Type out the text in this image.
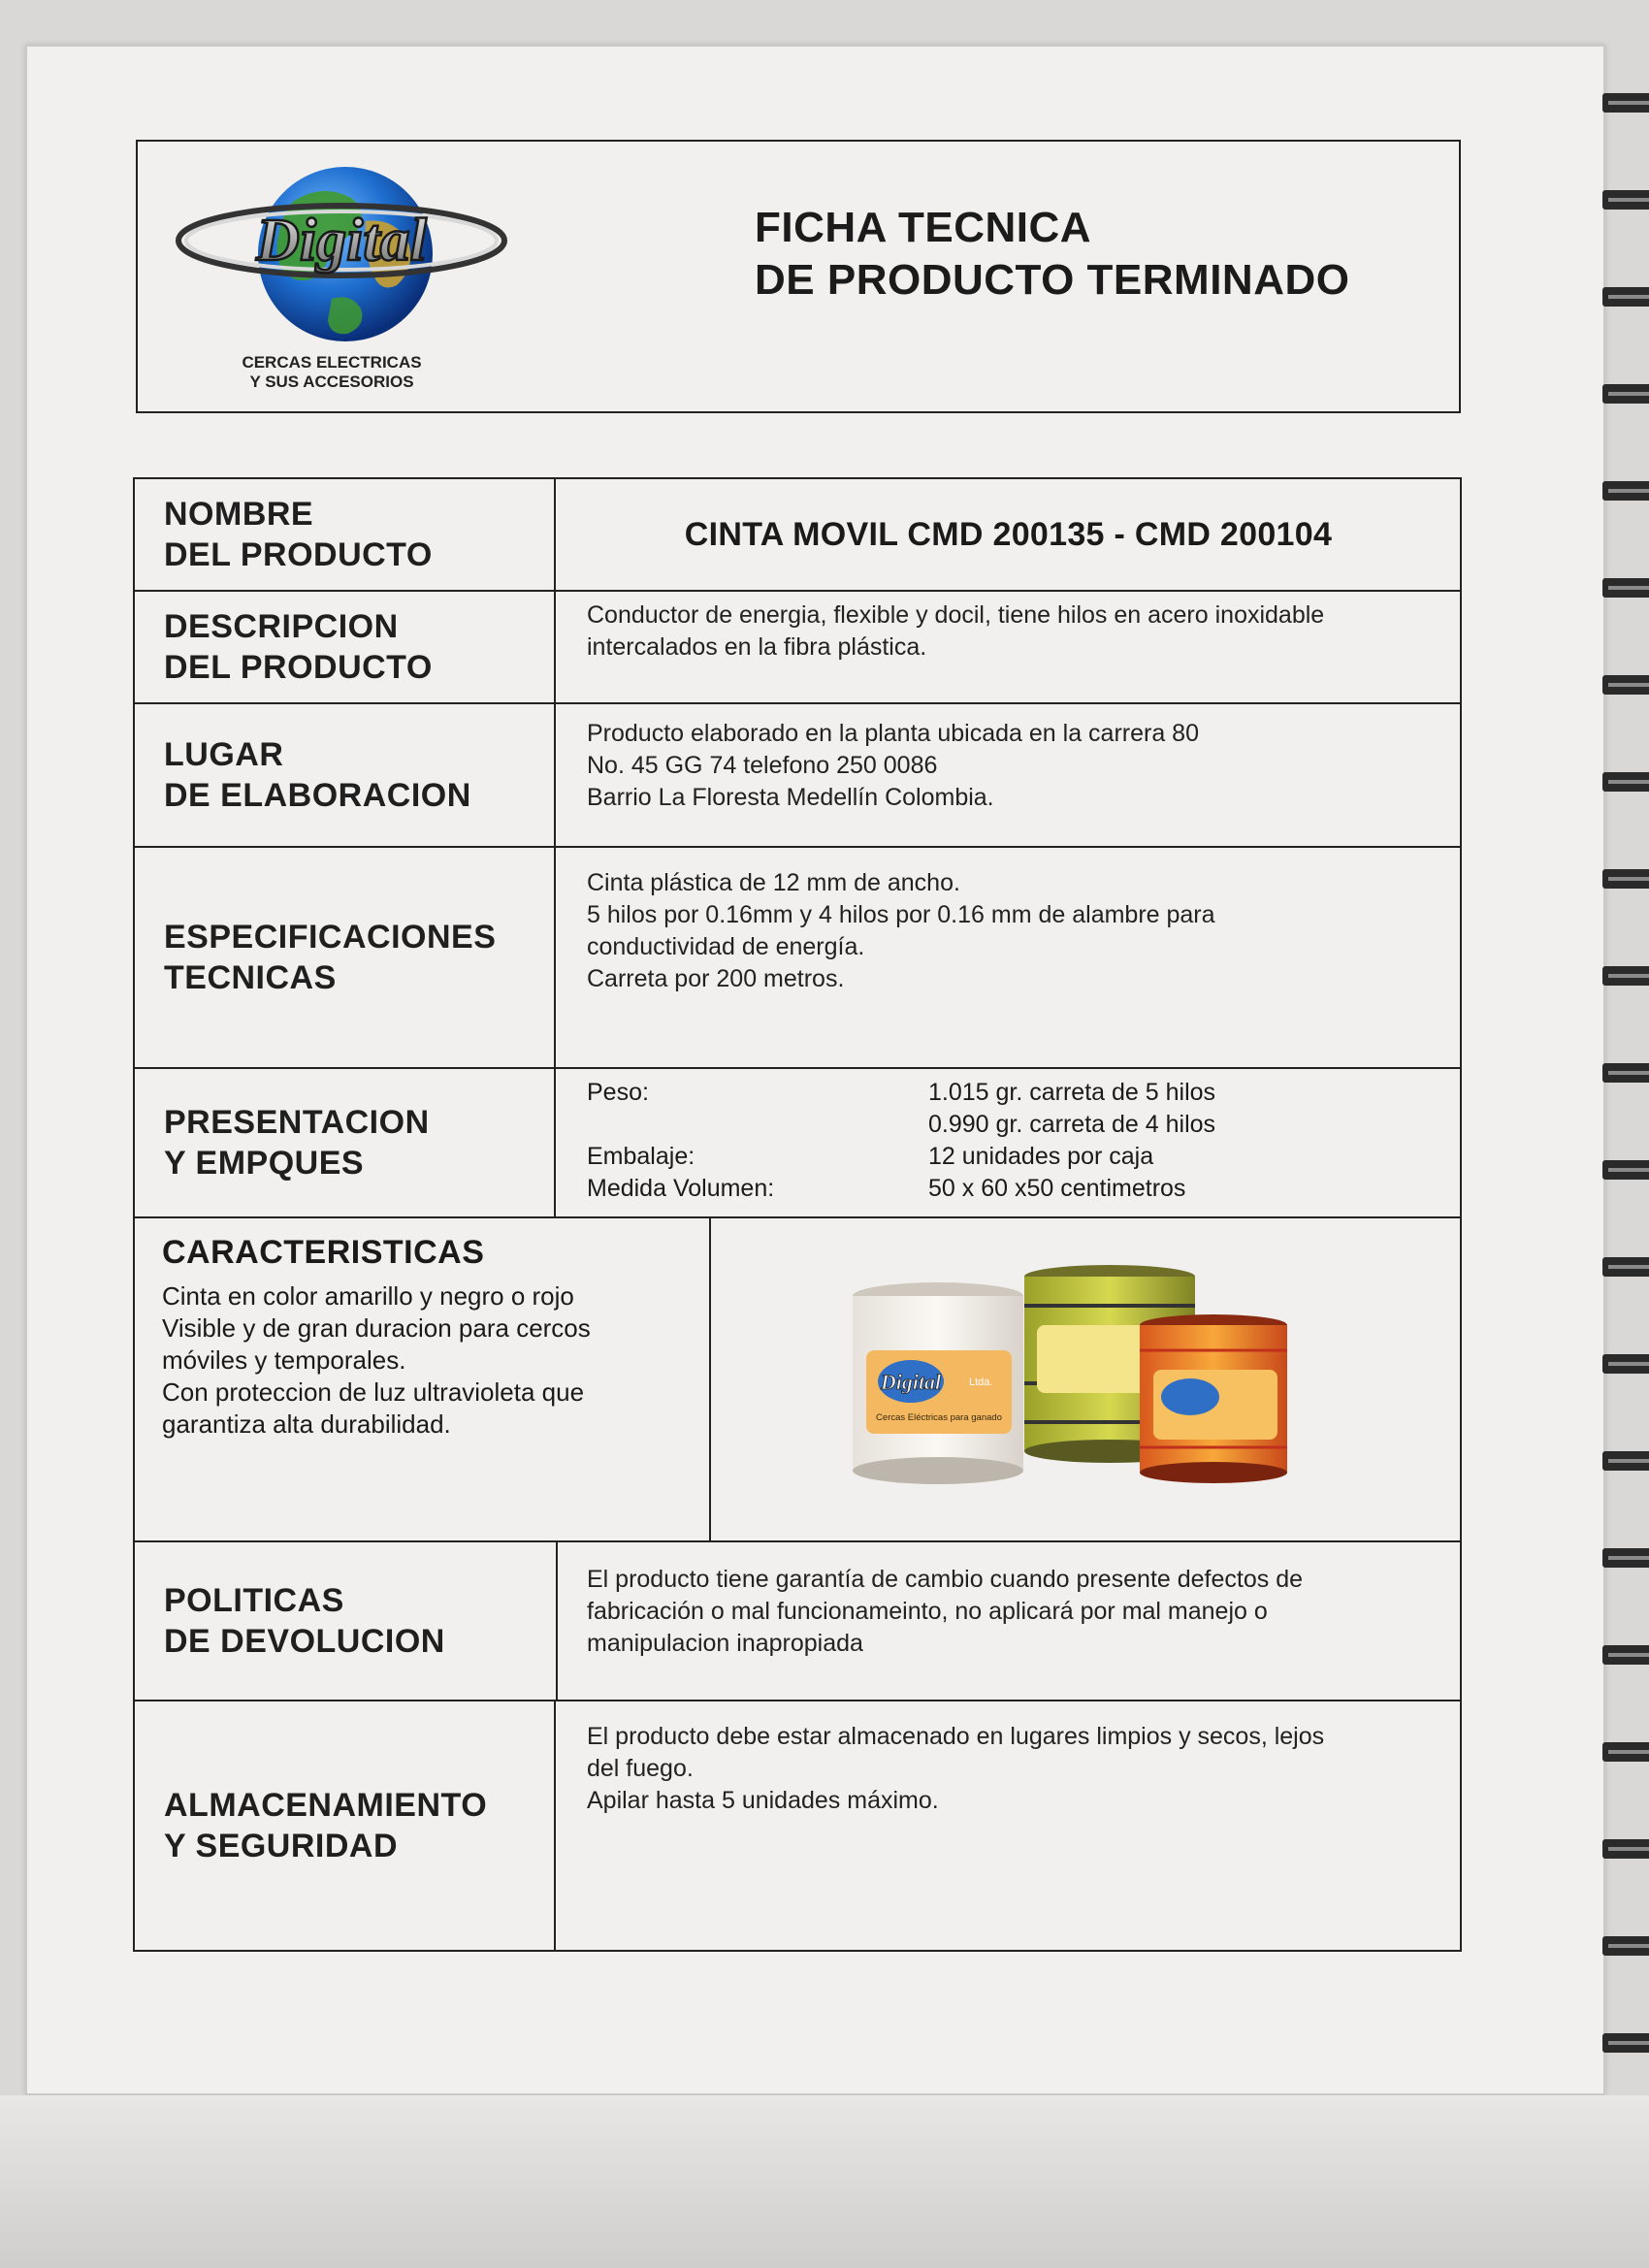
Digital
CERCAS ELECTRICAS
Y SUS ACCESORIOS
FICHA TECNICA
DE PRODUCTO TERMINADO
NOMBRE
DEL PRODUCTO
CINTA MOVIL CMD 200135 - CMD 200104
DESCRIPCION
DEL PRODUCTO
Conductor de energia, flexible y docil, tiene hilos en acero inoxidable
intercalados en la fibra plástica.
LUGAR
DE ELABORACION
Producto elaborado en la planta ubicada en la carrera 80
No. 45 GG 74 telefono 250 0086
Barrio La Floresta Medellín Colombia.
ESPECIFICACIONES
TECNICAS
Cinta plástica de 12 mm de ancho.
5 hilos por 0.16mm y 4 hilos por 0.16 mm de alambre para
conductividad de energía.
Carreta por 200 metros.
PRESENTACION
Y EMPQUES
Peso:

Embalaje:
Medida Volumen:
1.015 gr. carreta de 5 hilos
0.990 gr. carreta de 4 hilos
12 unidades por caja
50 x 60 x50 centimetros
CARACTERISTICAS
Cinta en color amarillo y negro o rojo
Visible y de gran duracion para cercos
móviles y temporales.
Con proteccion de luz ultravioleta que
garantiza alta durabilidad.
Digital	Ltda.
Cercas Eléctricas para ganado
POLITICAS
DE DEVOLUCION
El producto tiene garantía de cambio cuando presente defectos de
fabricación o mal funcionameinto, no aplicará por mal manejo o
manipulacion inapropiada
ALMACENAMIENTO
Y SEGURIDAD
El producto debe estar almacenado en lugares limpios y secos, lejos
del fuego.
Apilar hasta 5 unidades máximo.
